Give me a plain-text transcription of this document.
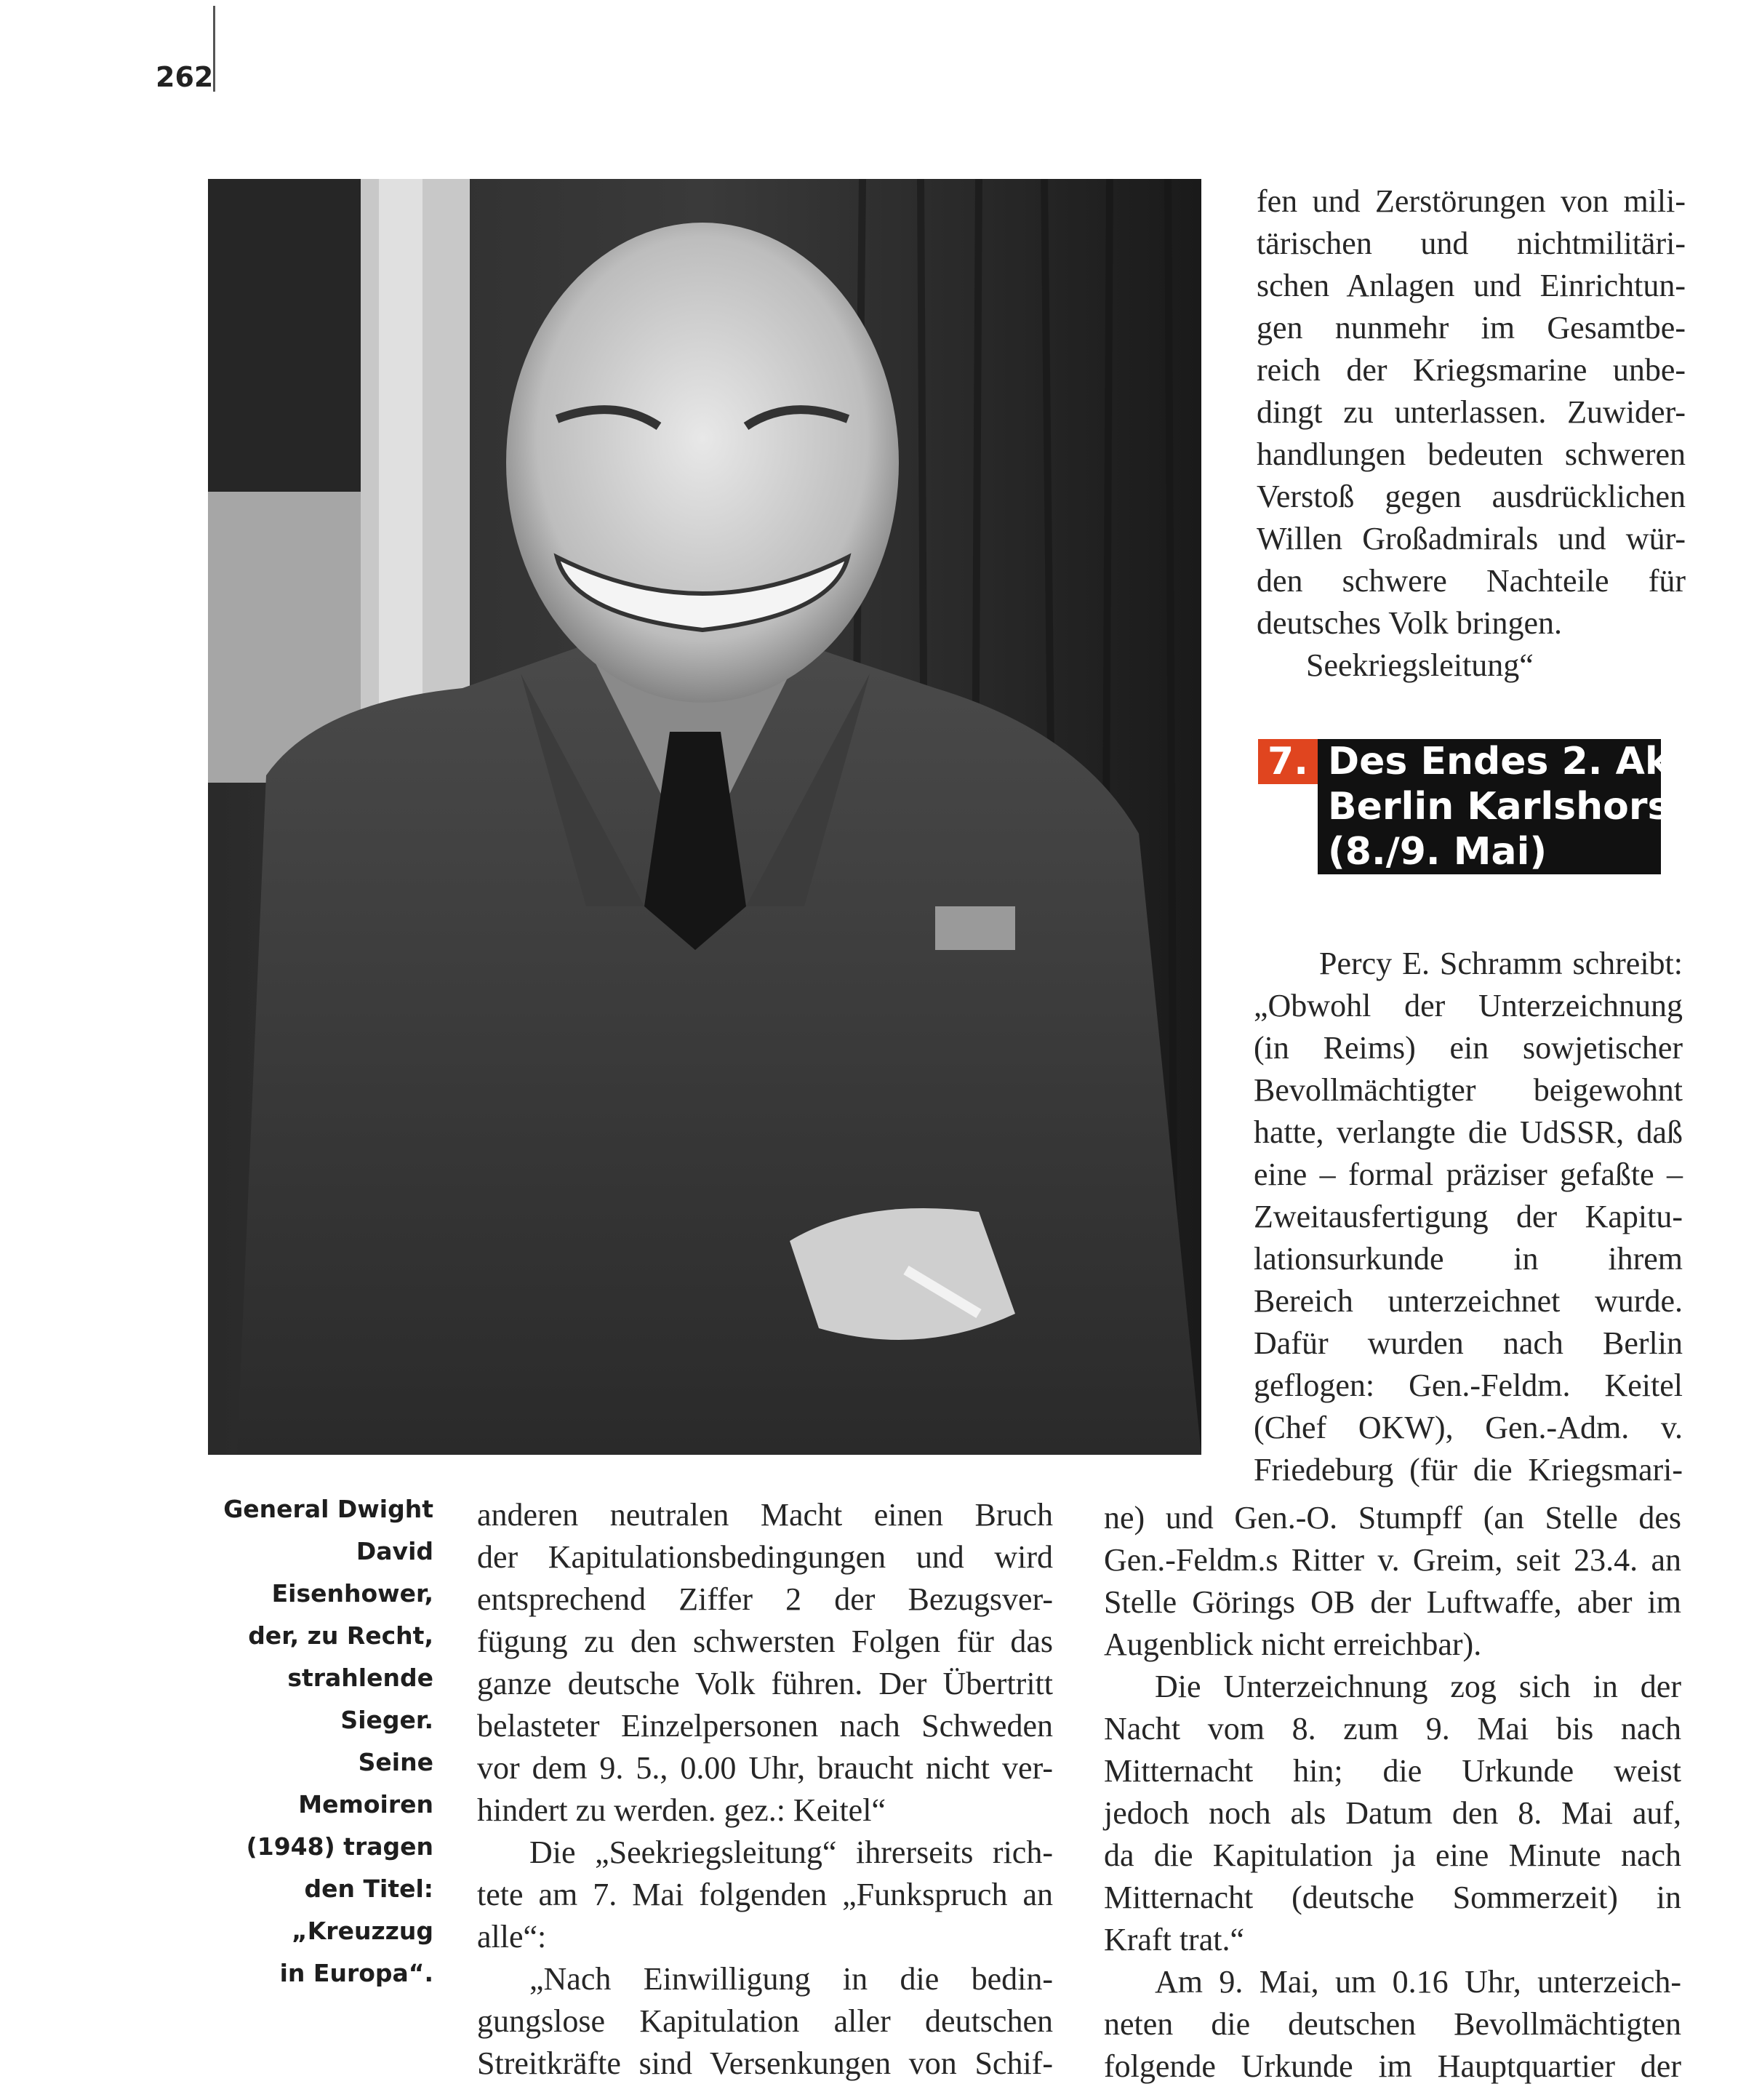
262
General Dwight
David Eisenhower,
der, zu Recht,
strahlende Sieger.
Seine Memoiren
(1948) tragen
den Titel:
„Kreuzzug
in Europa“.

fen und Zerstörungen von mili-
tärischen und nichtmilitäri-
schen Anlagen und Einrichtun-
gen nunmehr im Gesamtbe-
reich der Kriegsmarine unbe-
dingt zu unterlassen. Zuwider-
handlungen bedeuten schweren
Verstoß gegen ausdrücklichen
Willen Großadmirals und wür-
den schwere Nachteile für
deutsches Volk bringen.

Seekriegsleitung“

7. Des Endes 2. Akt:
Berlin Karlshorst
(8./9. Mai)
Percy E. Schramm schreibt:
„Obwohl der Unterzeichnung
(in Reims) ein sowjetischer
Bevollmächtigter beigewohnt
hatte, verlangte die UdSSR, daß
eine – formal präziser gefaßte –
Zweitausfertigung der Kapitu-
lationsurkunde in ihrem
Bereich unterzeichnet wurde.
Dafür wurden nach Berlin
geflogen: Gen.-Feldm. Keitel
(Chef OKW), Gen.-Adm. v.
Friedeburg (für die Kriegsmari-
ne) und Gen.-O. Stumpff (an Stelle des
Gen.-Feldm.s Ritter v. Greim, seit 23.4. an
Stelle Görings OB der Luftwaffe, aber im
Augenblick nicht erreichbar).
Die Unterzeichnung zog sich in der
Nacht vom 8. zum 9. Mai bis nach
Mitternacht hin; die Urkunde weist
jedoch noch als Datum den 8. Mai auf,
da die Kapitulation ja eine Minute nach
Mitternacht (deutsche Sommerzeit) in
Kraft trat.“
Am 9. Mai, um 0.16 Uhr, unterzeich-
neten die deutschen Bevollmächtigten
folgende Urkunde im Hauptquartier der
anderen neutralen Macht einen Bruch
der Kapitulationsbedingungen und wird
entsprechend Ziffer 2 der Bezugsver-
fügung zu den schwersten Folgen für das
ganze deutsche Volk führen. Der Übertritt
belasteter Einzelpersonen nach Schweden
vor dem 9. 5., 0.00 Uhr, braucht nicht ver-
hindert zu werden. gez.: Keitel“
Die „Seekriegsleitung“ ihrerseits rich-
tete am 7. Mai folgenden „Funkspruch an
alle“:
„Nach Einwilligung in die bedin-
gungslose Kapitulation aller deutschen
Streitkräfte sind Versenkungen von Schif-
